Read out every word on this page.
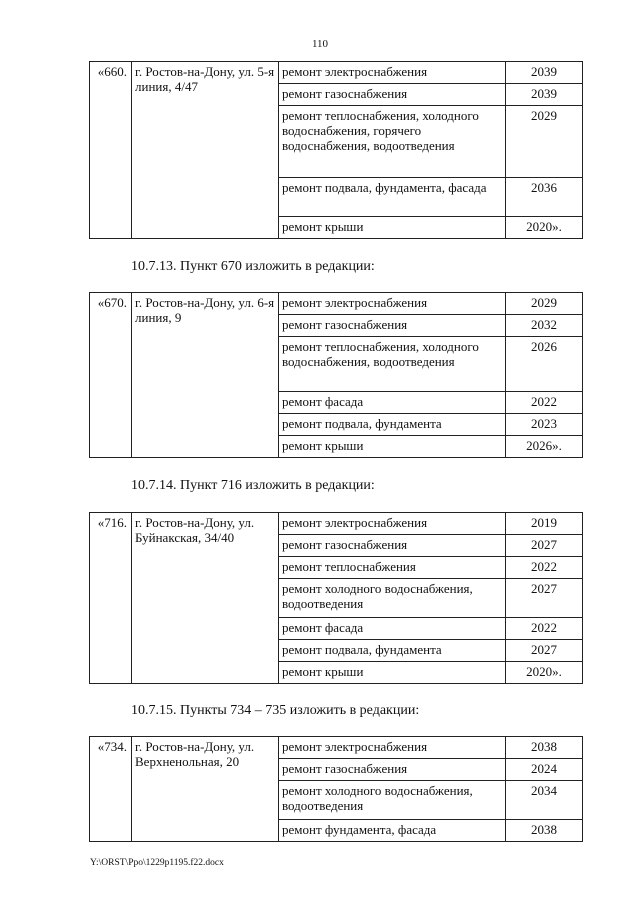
110
«660.	г. Ростов-на-Дону, ул. 5-я линия, 4/47	ремонт электроснабжения	2039
		ремонт газоснабжения	2039
		ремонт теплоснабжения, холодного водоснабжения, горячего водоснабжения, водоотведения	2029
		ремонт подвала, фундамента, фасада	2036
		ремонт крыши	2020».
10.7.13. Пункт 670 изложить в редакции:
«670.	г. Ростов-на-Дону, ул. 6-я линия, 9	ремонт электроснабжения	2029
		ремонт газоснабжения	2032
		ремонт теплоснабжения, холодного водоснабжения, водоотведения	2026
		ремонт фасада	2022
		ремонт подвала, фундамента	2023
		ремонт крыши	2026».
10.7.14. Пункт 716 изложить в редакции:
«716.	г. Ростов-на-Дону, ул. Буйнакская, 34/40	ремонт электроснабжения	2019
		ремонт газоснабжения	2027
		ремонт теплоснабжения	2022
		ремонт холодного водоснабжения, водоотведения	2027
		ремонт фасада	2022
		ремонт подвала, фундамента	2027
		ремонт крыши	2020».
10.7.15. Пункты 734 – 735 изложить в редакции:
«734.	г. Ростов-на-Дону, ул. Верхненольная, 20	ремонт электроснабжения	2038
		ремонт газоснабжения	2024
		ремонт холодного водоснабжения, водоотведения	2034
		ремонт фундамента, фасада	2038
Y:\ORST\Ppo\1229p1195.f22.docx
